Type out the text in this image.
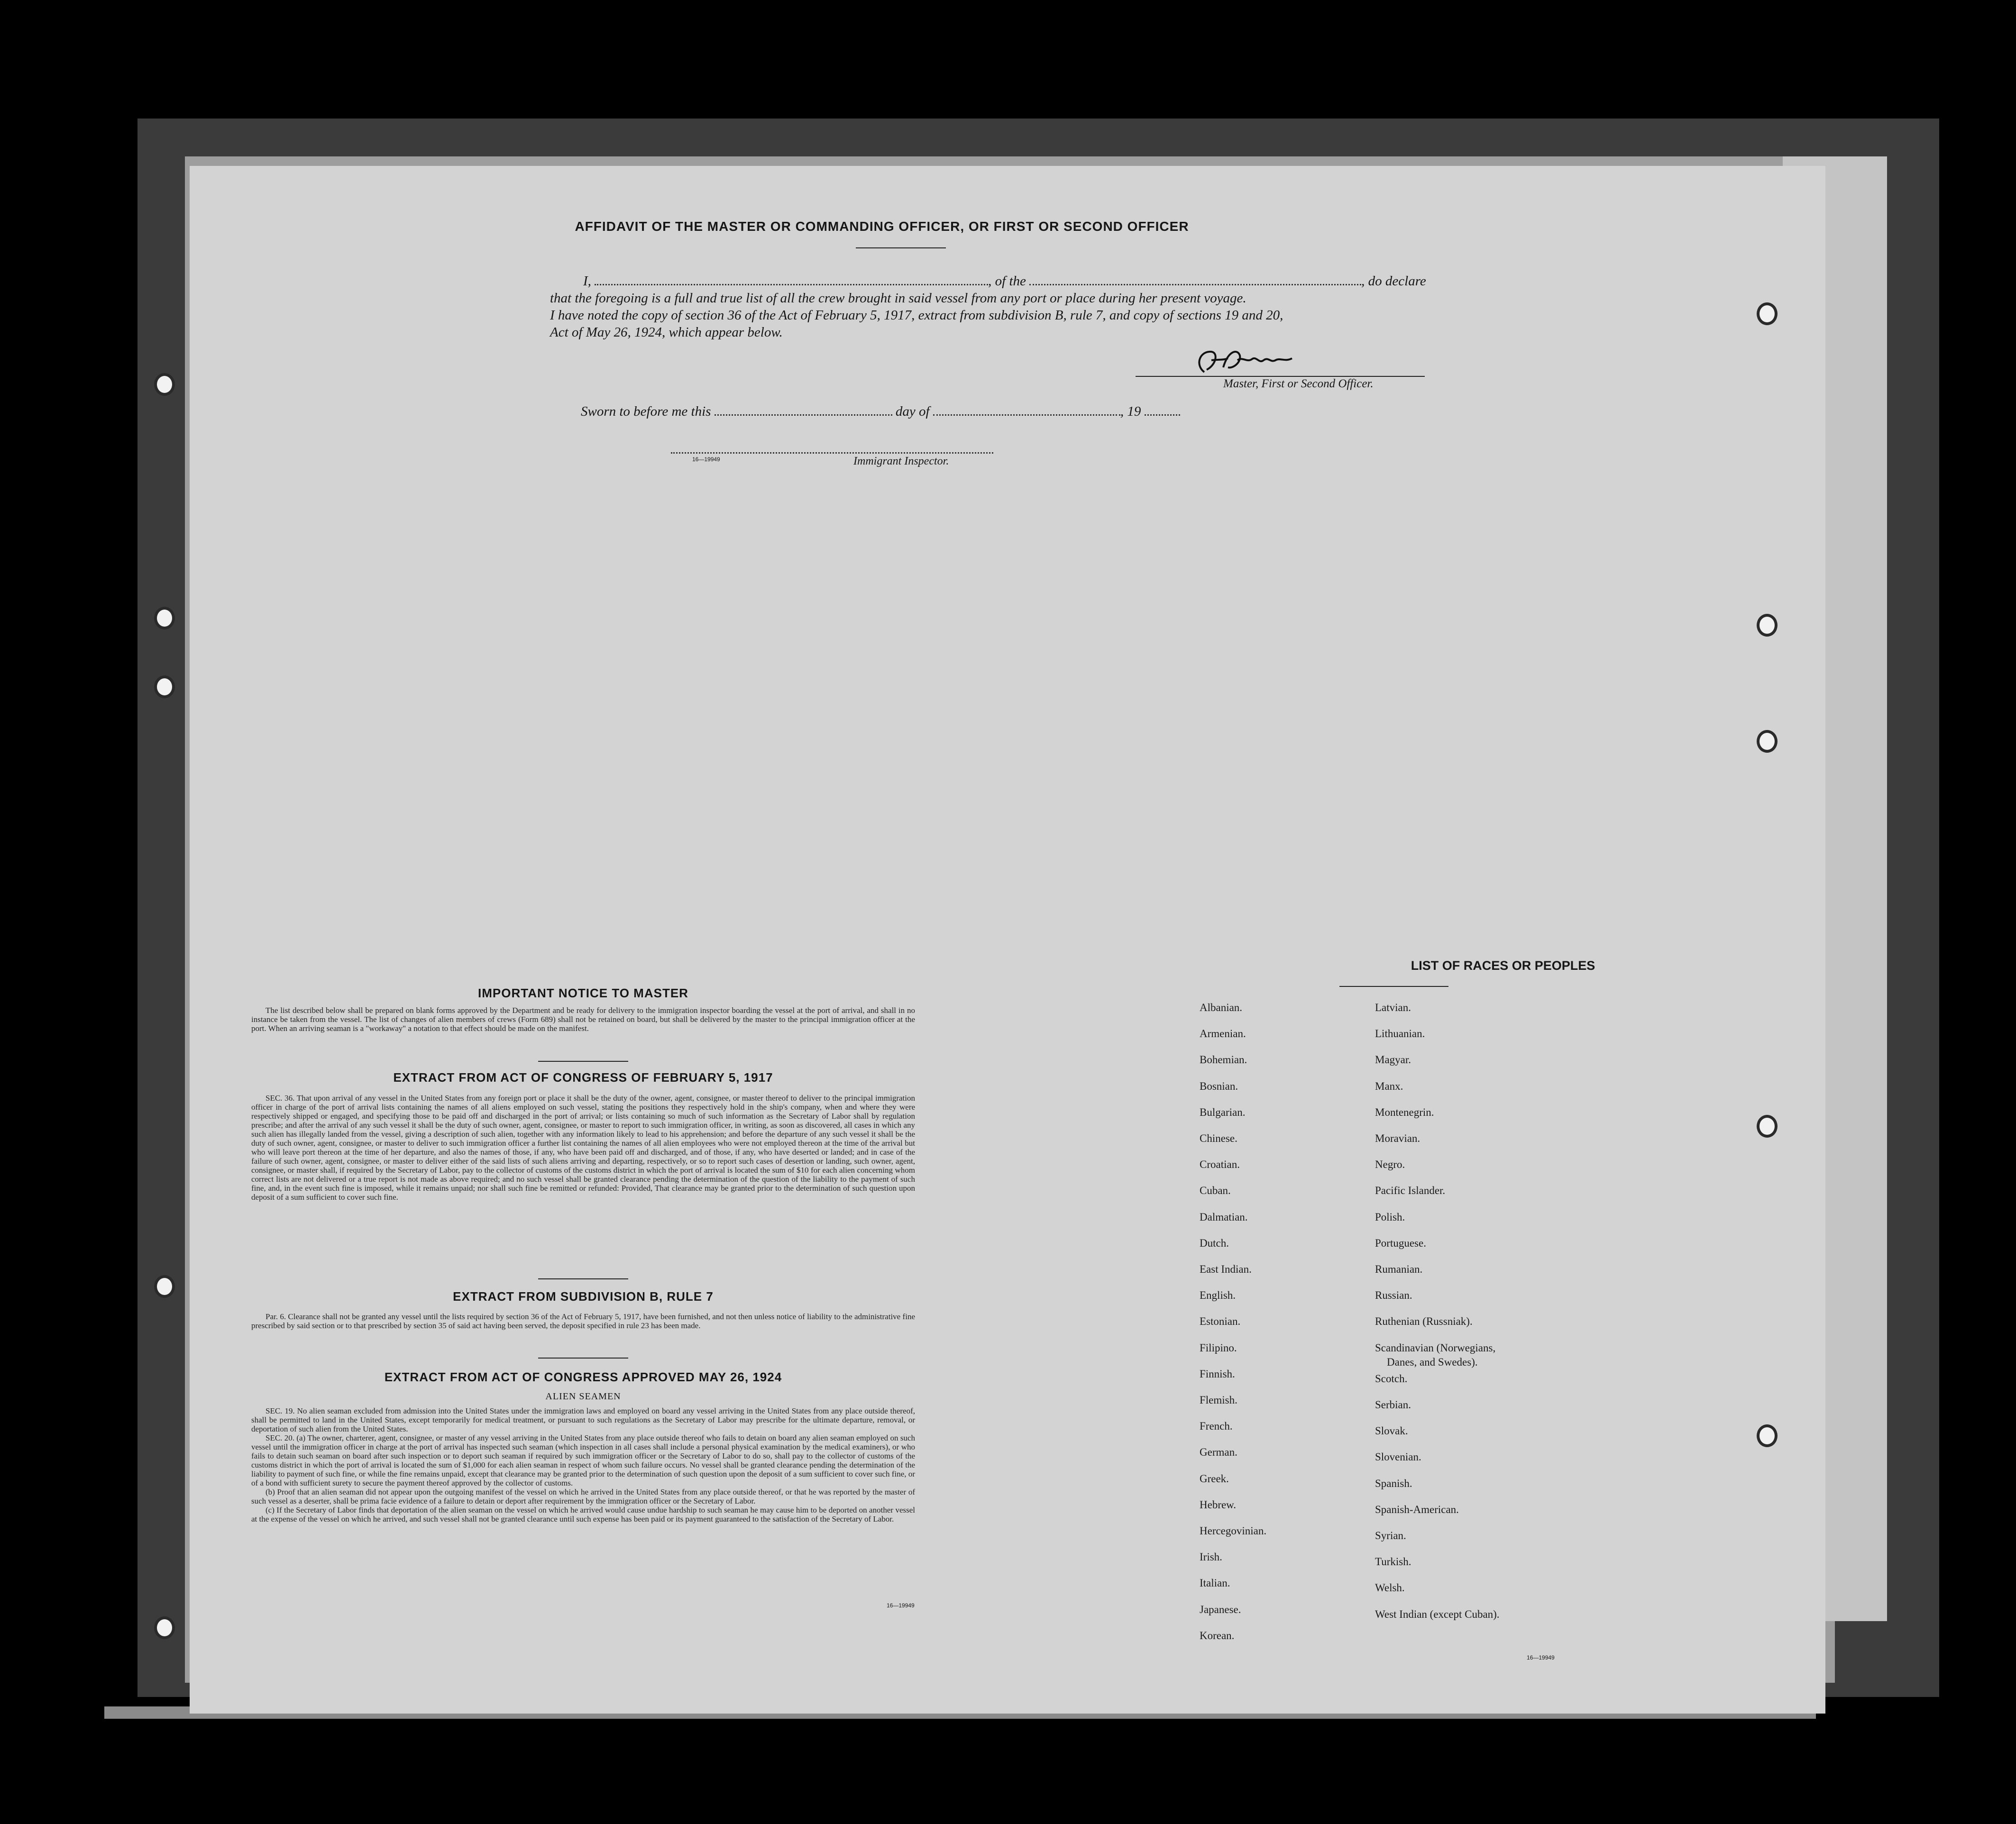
AFFIDAVIT OF THE MASTER OR COMMANDING OFFICER, OR FIRST OR SECOND OFFICER
I,	, of the	, do declare
that the foregoing is a full and true list of all the crew brought in said vessel from any port or place during her present voyage.
I have noted the copy of section 36 of the Act of February 5, 1917, extract from subdivision B, rule 7, and copy of sections 19 and 20,
Act of May 26, 1924, which appear below.
Master, First or Second Officer.
Sworn to before me this	day of	, 19
16—19949	Immigrant Inspector.
IMPORTANT NOTICE TO MASTER

The list described below shall be prepared on blank forms approved by the Department and be ready for delivery to the immigration inspector boarding the vessel at the port of arrival, and shall in no instance be taken from the vessel. The list of changes of alien members of crews (Form 689) shall not be retained on board, but shall be delivered by the master to the principal immigration officer at the port. When an arriving seaman is a "workaway" a notation to that effect should be made on the manifest.

EXTRACT FROM ACT OF CONGRESS OF FEBRUARY 5, 1917

SEC. 36. That upon arrival of any vessel in the United States from any foreign port or place it shall be the duty of the owner, agent, consignee, or master thereof to deliver to the principal immigration officer in charge of the port of arrival lists containing the names of all aliens employed on such vessel, stating the positions they respectively hold in the ship's company, when and where they were respectively shipped or engaged, and specifying those to be paid off and discharged in the port of arrival; or lists containing so much of such information as the Secretary of Labor shall by regulation prescribe; and after the arrival of any such vessel it shall be the duty of such owner, agent, consignee, or master to report to such immigration officer, in writing, as soon as discovered, all cases in which any such alien has illegally landed from the vessel, giving a description of such alien, together with any information likely to lead to his apprehension; and before the departure of any such vessel it shall be the duty of such owner, agent, consignee, or master to deliver to such immigration officer a further list containing the names of all alien employees who were not employed thereon at the time of the arrival but who will leave port thereon at the time of her departure, and also the names of those, if any, who have been paid off and discharged, and of those, if any, who have deserted or landed; and in case of the failure of such owner, agent, consignee, or master to deliver either of the said lists of such aliens arriving and departing, respectively, or so to report such cases of desertion or landing, such owner, agent, consignee, or master shall, if required by the Secretary of Labor, pay to the collector of customs of the customs district in which the port of arrival is located the sum of $10 for each alien concerning whom correct lists are not delivered or a true report is not made as above required; and no such vessel shall be granted clearance pending the determination of the question of the liability to the payment of such fine, and, in the event such fine is imposed, while it remains unpaid; nor shall such fine be remitted or refunded: Provided, That clearance may be granted prior to the determination of such question upon deposit of a sum sufficient to cover such fine.

EXTRACT FROM SUBDIVISION B, RULE 7

Par. 6. Clearance shall not be granted any vessel until the lists required by section 36 of the Act of February 5, 1917, have been furnished, and not then unless notice of liability to the administrative fine prescribed by said section or to that prescribed by section 35 of said act having been served, the deposit specified in rule 23 has been made.

EXTRACT FROM ACT OF CONGRESS APPROVED MAY 26, 1924
ALIEN SEAMEN

SEC. 19. No alien seaman excluded from admission into the United States under the immigration laws and employed on board any vessel arriving in the United States from any place outside thereof, shall be permitted to land in the United States, except temporarily for medical treatment, or pursuant to such regulations as the Secretary of Labor may prescribe for the ultimate departure, removal, or deportation of such alien from the United States.

SEC. 20. (a) The owner, charterer, agent, consignee, or master of any vessel arriving in the United States from any place outside thereof who fails to detain on board any alien seaman employed on such vessel until the immigration officer in charge at the port of arrival has inspected such seaman (which inspection in all cases shall include a personal physical examination by the medical examiners), or who fails to detain such seaman on board after such inspection or to deport such seaman if required by such immigration officer or the Secretary of Labor to do so, shall pay to the collector of customs of the customs district in which the port of arrival is located the sum of $1,000 for each alien seaman in respect of whom such failure occurs. No vessel shall be granted clearance pending the determination of the liability to payment of such fine, or while the fine remains unpaid, except that clearance may be granted prior to the determination of such question upon the deposit of a sum sufficient to cover such fine, or of a bond with sufficient surety to secure the payment thereof approved by the collector of customs.

(b) Proof that an alien seaman did not appear upon the outgoing manifest of the vessel on which he arrived in the United States from any place outside thereof, or that he was reported by the master of such vessel as a deserter, shall be prima facie evidence of a failure to detain or deport after requirement by the immigration officer or the Secretary of Labor.

(c) If the Secretary of Labor finds that deportation of the alien seaman on the vessel on which he arrived would cause undue hardship to such seaman he may cause him to be deported on another vessel at the expense of the vessel on which he arrived, and such vessel shall not be granted clearance until such expense has been paid or its payment guaranteed to the satisfaction of the Secretary of Labor.

16—19949
LIST OF RACES OR PEOPLES
Albanian.
Armenian.
Bohemian.
Bosnian.
Bulgarian.
Chinese.
Croatian.
Cuban.
Dalmatian.
Dutch.
East Indian.
English.
Estonian.
Filipino.
Finnish.
Flemish.
French.
German.
Greek.
Hebrew.
Hercegovinian.
Irish.
Italian.
Japanese.
Korean.
Latvian.
Lithuanian.
Magyar.
Manx.
Montenegrin.
Moravian.
Negro.
Pacific Islander.
Polish.
Portuguese.
Rumanian.
Russian.
Ruthenian (Russniak).
Scandinavian (Norwegians,
Danes, and Swedes).
Scotch.
Serbian.
Slovak.
Slovenian.
Spanish.
Spanish-American.
Syrian.
Turkish.
Welsh.
West Indian (except Cuban).
16—19949
